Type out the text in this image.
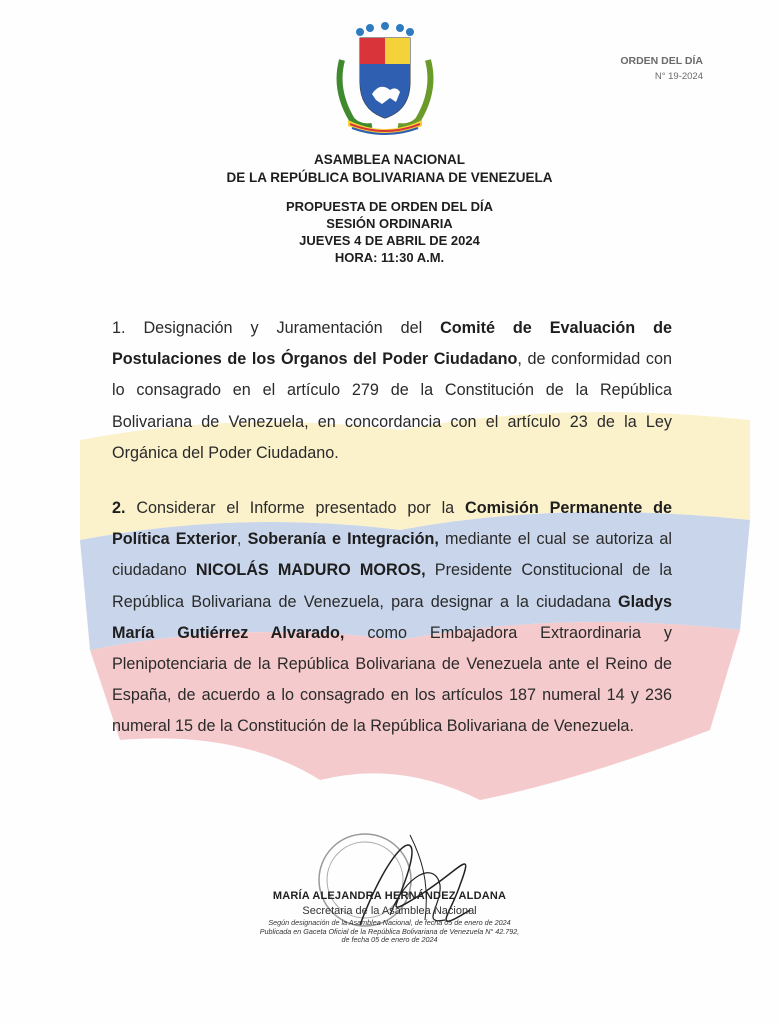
ORDEN DEL DÍA
N° 19-2024
ASAMBLEA NACIONAL
DE LA REPÚBLICA BOLIVARIANA DE VENEZUELA
PROPUESTA DE ORDEN DEL DÍA
SESIÓN ORDINARIA
JUEVES 4 DE ABRIL DE 2024
HORA: 11:30 A.M.
1. Designación y Juramentación del Comité de Evaluación de Postulaciones de los Órganos del Poder Ciudadano, de conformidad con lo consagrado en el artículo 279 de la Constitución de la República Bolivariana de Venezuela, en concordancia con el artículo 23 de la Ley Orgánica del Poder Ciudadano.
2. Considerar el Informe presentado por la Comisión Permanente de Política Exterior, Soberanía e Integración, mediante el cual se autoriza al ciudadano NICOLÁS MADURO MOROS, Presidente Constitucional de la República Bolivariana de Venezuela, para designar a la ciudadana Gladys María Gutiérrez Alvarado, como Embajadora Extraordinaria y Plenipotenciaria de la República Bolivariana de Venezuela ante el Reino de España, de acuerdo a lo consagrado en los artículos 187 numeral 14 y 236 numeral 15 de la Constitución de la República Bolivariana de Venezuela.
MARÍA ALEJANDRA HERNÁNDEZ ALDANA
Secretaria de la Asamblea Nacional
Según designación de la Asamblea Nacional, de fecha 05 de enero de 2024
Publicada en Gaceta Oficial de la República Bolivariana de Venezuela N° 42.792,
de fecha 05 de enero de 2024
